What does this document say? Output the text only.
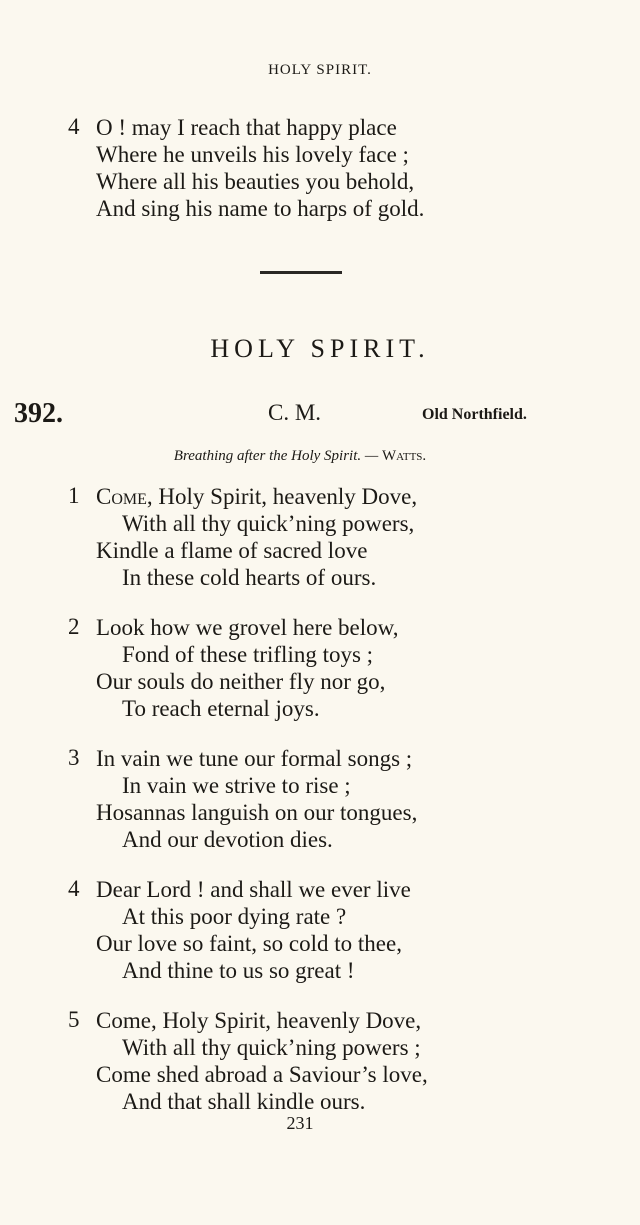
HOLY SPIRIT.
4 O ! may I reach that happy place
Where he unveils his lovely face ;
Where all his beauties you behold,
And sing his name to harps of gold.
HOLY SPIRIT.
392.	C. M.	Old Northfield.
Breathing after the Holy Spirit. — Watts.
1 Come, Holy Spirit, heavenly Dove,
With all thy quick’ning powers,
Kindle a flame of sacred love
In these cold hearts of ours.
2 Look how we grovel here below,
Fond of these trifling toys ;
Our souls do neither fly nor go,
To reach eternal joys.
3 In vain we tune our formal songs ;
In vain we strive to rise ;
Hosannas languish on our tongues,
And our devotion dies.
4 Dear Lord ! and shall we ever live
At this poor dying rate ?
Our love so faint, so cold to thee,
And thine to us so great !
5 Come, Holy Spirit, heavenly Dove,
With all thy quick’ning powers ;
Come shed abroad a Saviour’s love,
And that shall kindle ours.
231
